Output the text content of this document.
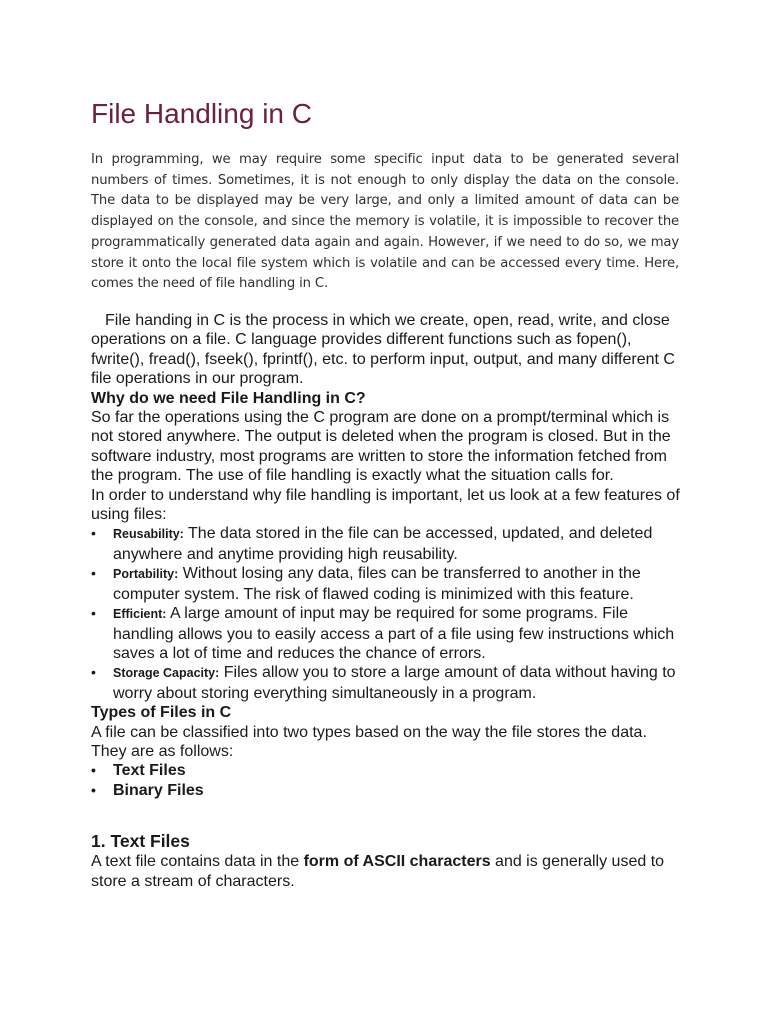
File Handling in C

In programming, we may require some specific input data to be generated several numbers of times. Sometimes, it is not enough to only display the data on the console. The data to be displayed may be very large, and only a limited amount of data can be displayed on the console, and since the memory is volatile, it is impossible to recover the programmatically generated data again and again. However, if we need to do so, we may store it onto the local file system which is volatile and can be accessed every time. Here, comes the need of file handling in C.

File handing in C is the process in which we create, open, read, write, and close operations on a file. C language provides different functions such as fopen(), fwrite(), fread(), fseek(), fprintf(), etc. to perform input, output, and many different C file operations in our program.

Why do we need File Handling in C?

So far the operations using the C program are done on a prompt/terminal which is not stored anywhere. The output is deleted when the program is closed. But in the software industry, most programs are written to store the information fetched from the program. The use of file handling is exactly what the situation calls for.

In order to understand why file handling is important, let us look at a few features of using files:

• Reusability: The data stored in the file can be accessed, updated, and deleted anywhere and anytime providing high reusability.
• Portability: Without losing any data, files can be transferred to another in the computer system. The risk of flawed coding is minimized with this feature.
• Efficient: A large amount of input may be required for some programs. File handling allows you to easily access a part of a file using few instructions which saves a lot of time and reduces the chance of errors.
• Storage Capacity: Files allow you to store a large amount of data without having to worry about storing everything simultaneously in a program.

Types of Files in C

A file can be classified into two types based on the way the file stores the data. They are as follows:

• Text Files
• Binary Files

1. Text Files

A text file contains data in the form of ASCII characters and is generally used to store a stream of characters.
